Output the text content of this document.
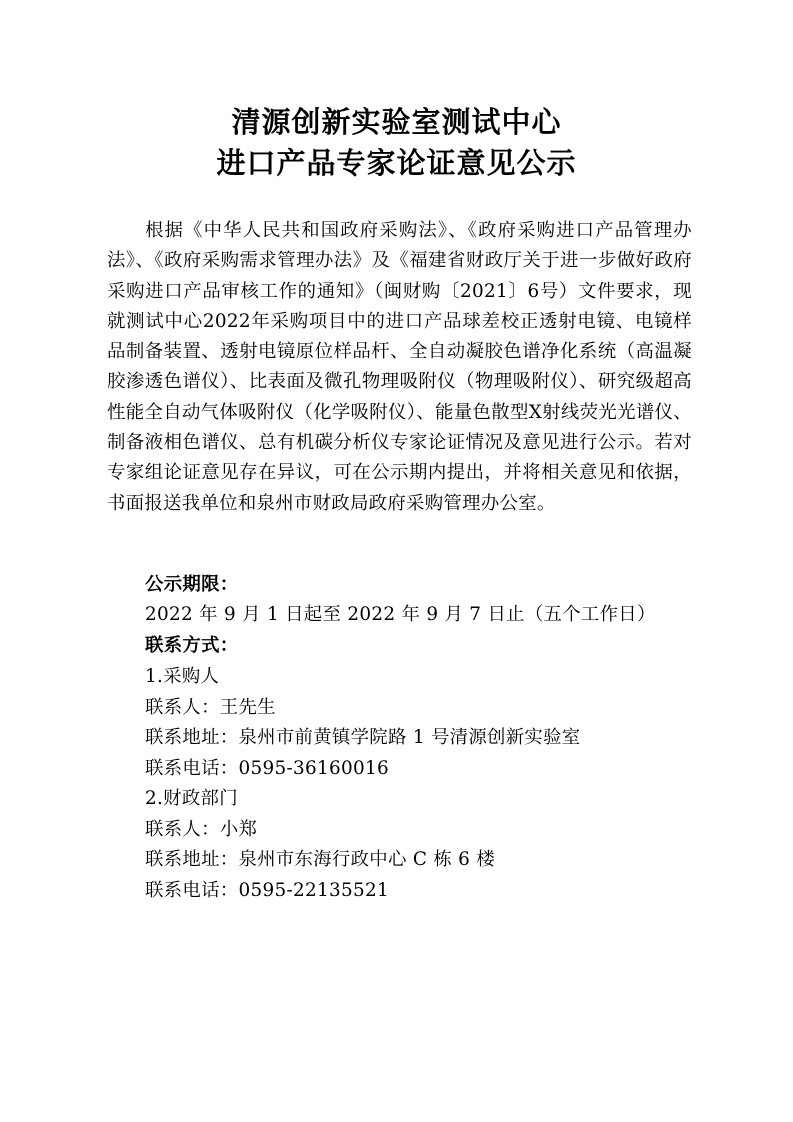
清源创新实验室测试中心
进口产品专家论证意见公示
根据《中华人民共和国政府采购法》、《政府采购进口产品管理办法》、《政府采购需求管理办法》及《福建省财政厅关于进一步做好政府采购进口产品审核工作的通知》（闽财购〔2021〕6号）文件要求，现就测试中心2022年采购项目中的进口产品球差校正透射电镜、电镜样品制备装置、透射电镜原位样品杆、全自动凝胶色谱净化系统（高温凝胶渗透色谱仪）、比表面及微孔物理吸附仪（物理吸附仪）、研究级超高性能全自动气体吸附仪（化学吸附仪）、能量色散型X射线荧光光谱仪、制备液相色谱仪、总有机碳分析仪专家论证情况及意见进行公示。若对专家组论证意见存在异议，可在公示期内提出，并将相关意见和依据，书面报送我单位和泉州市财政局政府采购管理办公室。
公示期限：
2022 年 9 月 1 日起至 2022 年 9 月 7 日止（五个工作日）
联系方式：
1.采购人
联系人：王先生
联系地址：泉州市前黄镇学院路 1 号清源创新实验室
联系电话：0595-36160016
2.财政部门
联系人：小郑
联系地址：泉州市东海行政中心 C 栋 6 楼
联系电话：0595-22135521
